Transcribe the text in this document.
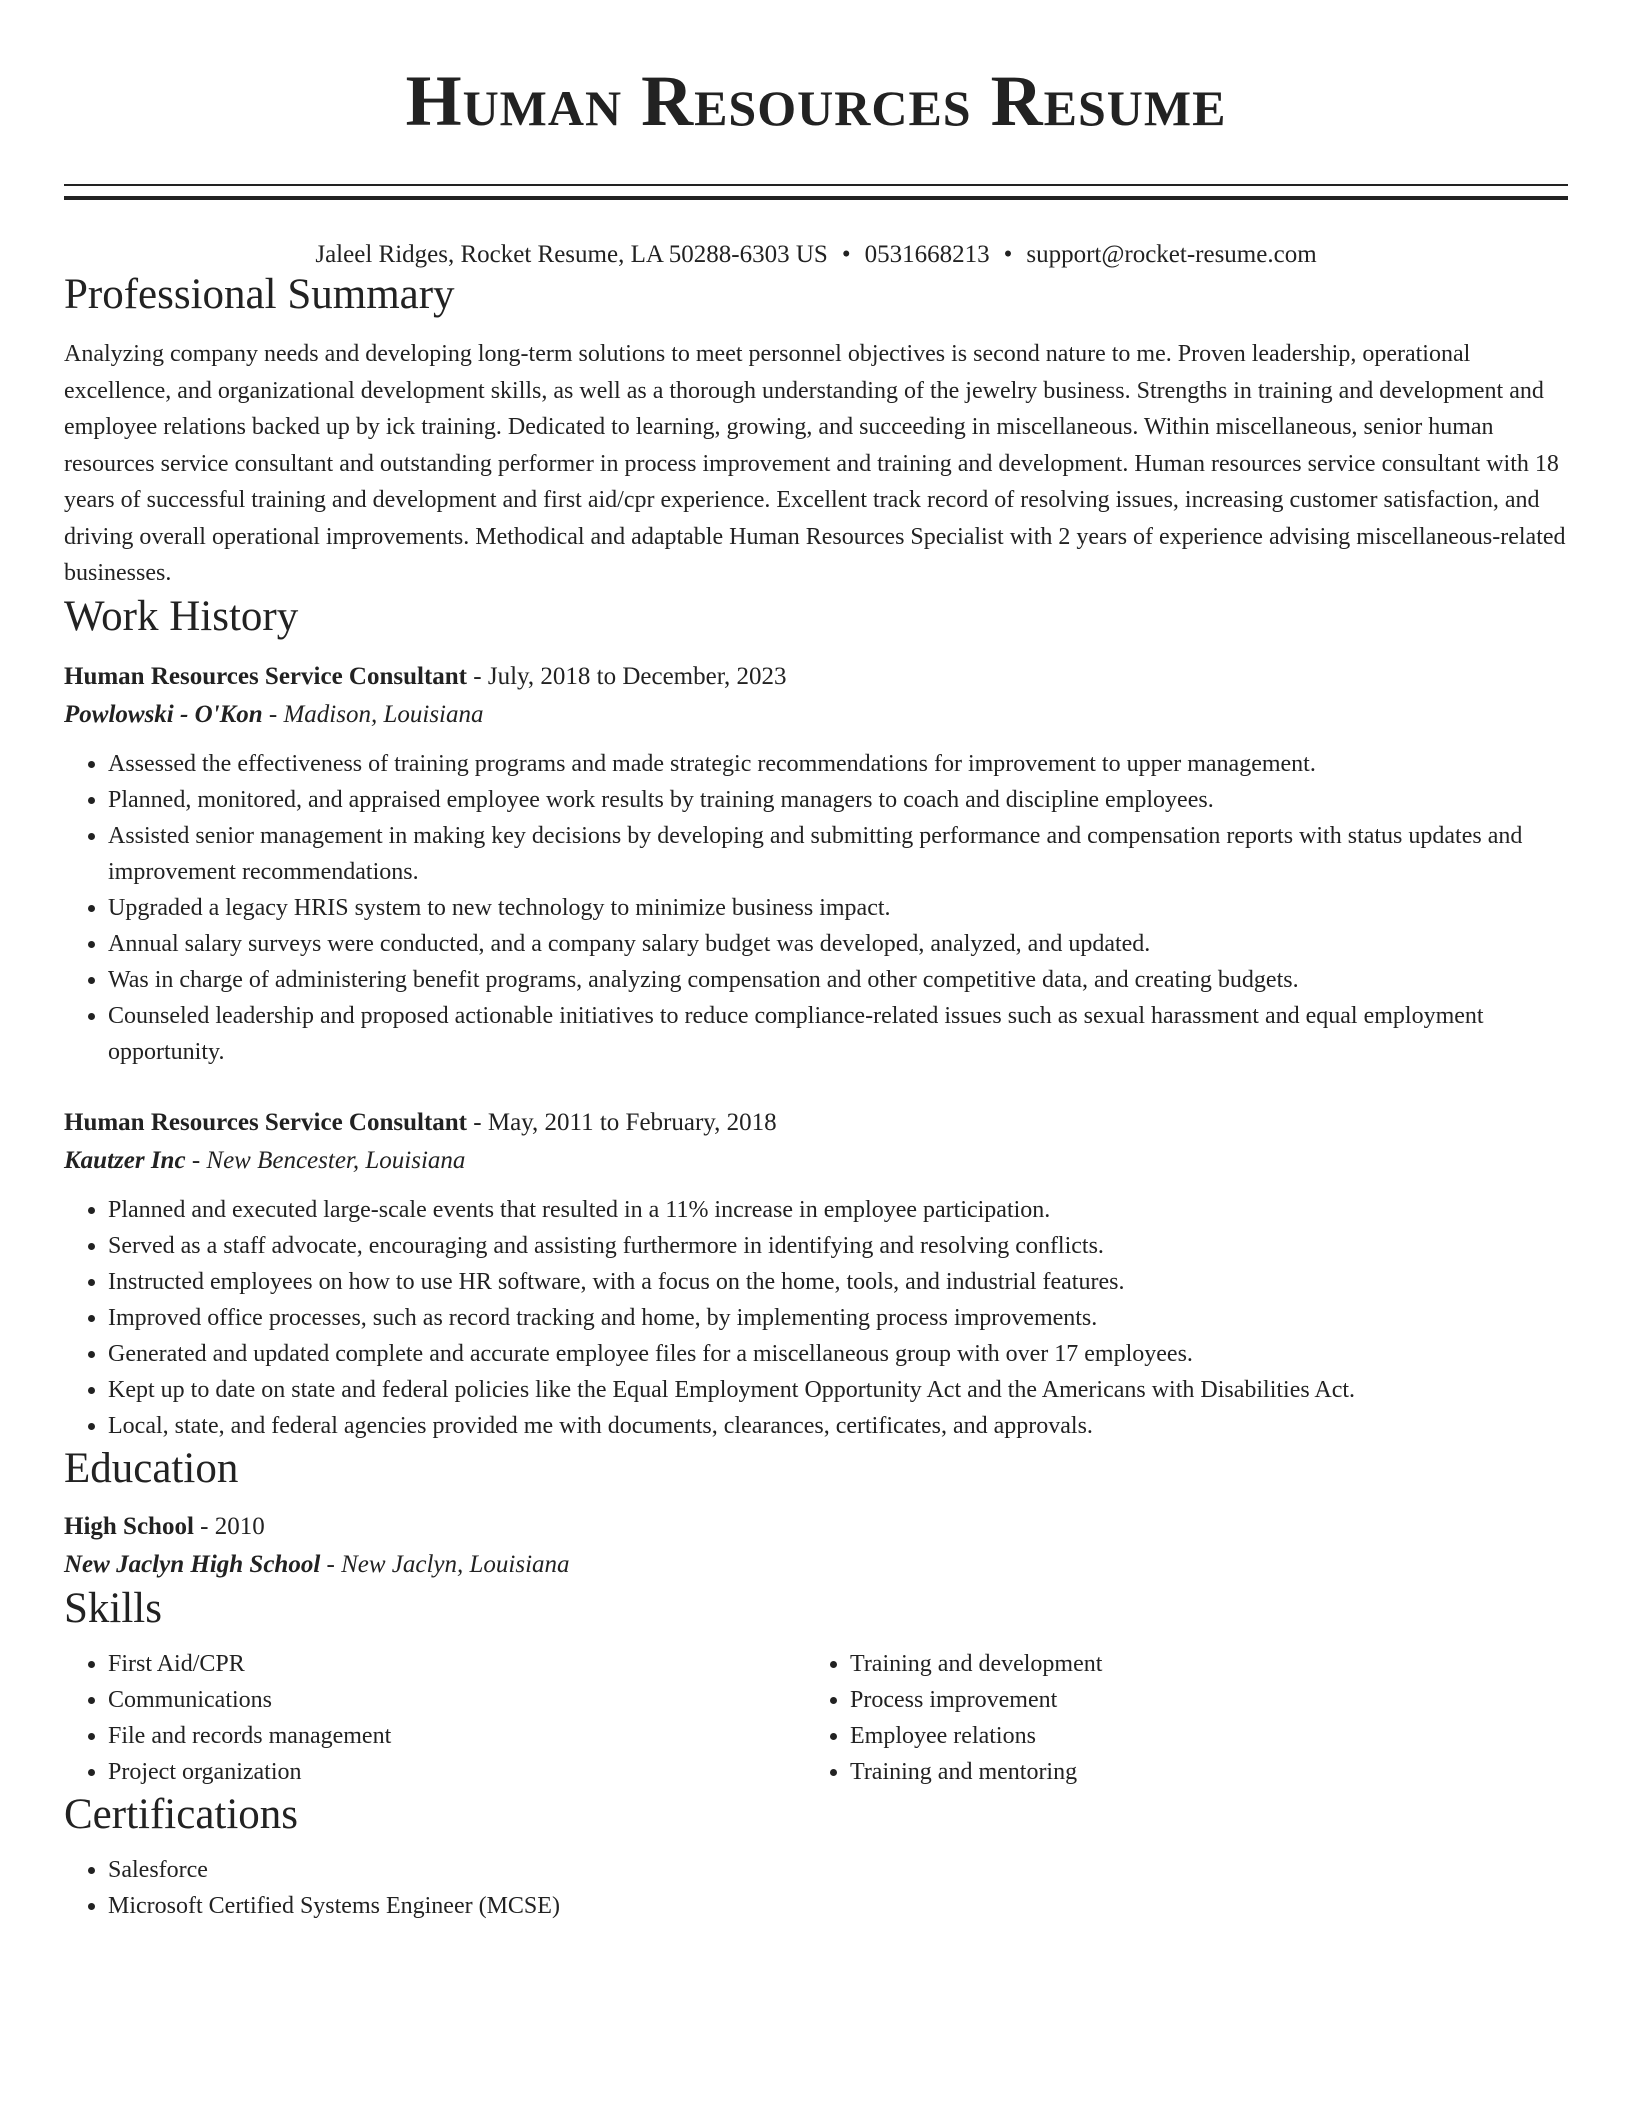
Human Resources Resume
Jaleel Ridges, Rocket Resume, LA 50288-6303 US • 0531668213 • support@rocket-resume.com
Professional Summary
Analyzing company needs and developing long-term solutions to meet personnel objectives is second nature to me. Proven leadership, operational excellence, and organizational development skills, as well as a thorough understanding of the jewelry business. Strengths in training and development and employee relations backed up by ick training. Dedicated to learning, growing, and succeeding in miscellaneous. Within miscellaneous, senior human resources service consultant and outstanding performer in process improvement and training and development. Human resources service consultant with 18 years of successful training and development and first aid/cpr experience. Excellent track record of resolving issues, increasing customer satisfaction, and driving overall operational improvements. Methodical and adaptable Human Resources Specialist with 2 years of experience advising miscellaneous-related businesses.
Work History
Human Resources Service Consultant - July, 2018 to December, 2023
Powlowski - O'Kon - Madison, Louisiana
• Assessed the effectiveness of training programs and made strategic recommendations for improvement to upper management.
• Planned, monitored, and appraised employee work results by training managers to coach and discipline employees.
• Assisted senior management in making key decisions by developing and submitting performance and compensation reports with status updates and improvement recommendations.
• Upgraded a legacy HRIS system to new technology to minimize business impact.
• Annual salary surveys were conducted, and a company salary budget was developed, analyzed, and updated.
• Was in charge of administering benefit programs, analyzing compensation and other competitive data, and creating budgets.
• Counseled leadership and proposed actionable initiatives to reduce compliance-related issues such as sexual harassment and equal employment opportunity.
Human Resources Service Consultant - May, 2011 to February, 2018
Kautzer Inc - New Bencester, Louisiana
• Planned and executed large-scale events that resulted in a 11% increase in employee participation.
• Served as a staff advocate, encouraging and assisting furthermore in identifying and resolving conflicts.
• Instructed employees on how to use HR software, with a focus on the home, tools, and industrial features.
• Improved office processes, such as record tracking and home, by implementing process improvements.
• Generated and updated complete and accurate employee files for a miscellaneous group with over 17 employees.
• Kept up to date on state and federal policies like the Equal Employment Opportunity Act and the Americans with Disabilities Act.
• Local, state, and federal agencies provided me with documents, clearances, certificates, and approvals.
Education
High School - 2010
New Jaclyn High School - New Jaclyn, Louisiana
Skills
• First Aid/CPR
• Communications
• File and records management
• Project organization
• Training and development
• Process improvement
• Employee relations
• Training and mentoring
Certifications
• Salesforce
• Microsoft Certified Systems Engineer (MCSE)
